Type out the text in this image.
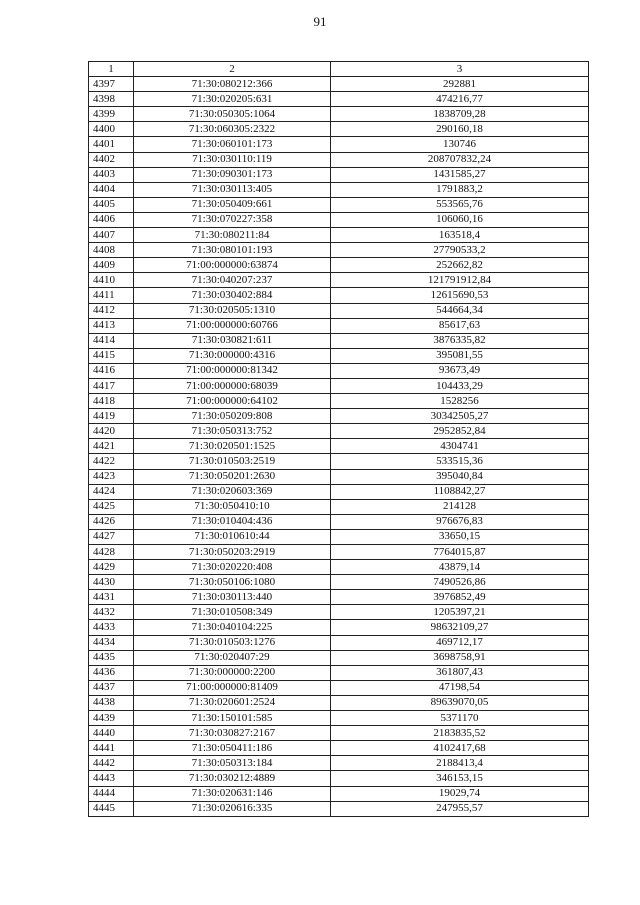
91
1	2	3
4397	71:30:080212:366	292881
4398	71:30:020205:631	474216,77
4399	71:30:050305:1064	1838709,28
4400	71:30:060305:2322	290160,18
4401	71:30:060101:173	130746
4402	71:30:030110:119	208707832,24
4403	71:30:090301:173	1431585,27
4404	71:30:030113:405	1791883,2
4405	71:30:050409:661	553565,76
4406	71:30:070227:358	106060,16
4407	71:30:080211:84	163518,4
4408	71:30:080101:193	27790533,2
4409	71:00:000000:63874	252662,82
4410	71:30:040207:237	121791912,84
4411	71:30:030402:884	12615690,53
4412	71:30:020505:1310	544664,34
4413	71:00:000000:60766	85617,63
4414	71:30:030821:611	3876335,82
4415	71:30:000000:4316	395081,55
4416	71:00:000000:81342	93673,49
4417	71:00:000000:68039	104433,29
4418	71:00:000000:64102	1528256
4419	71:30:050209:808	30342505,27
4420	71:30:050313:752	2952852,84
4421	71:30:020501:1525	4304741
4422	71:30:010503:2519	533515,36
4423	71:30:050201:2630	395040,84
4424	71:30:020603:369	1108842,27
4425	71:30:050410:10	214128
4426	71:30:010404:436	976676,83
4427	71:30:010610:44	33650,15
4428	71:30:050203:2919	7764015,87
4429	71:30:020220:408	43879,14
4430	71:30:050106:1080	7490526,86
4431	71:30:030113:440	3976852,49
4432	71:30:010508:349	1205397,21
4433	71:30:040104:225	98632109,27
4434	71:30:010503:1276	469712,17
4435	71:30:020407:29	3698758,91
4436	71:30:000000:2200	361807,43
4437	71:00:000000:81409	47198,54
4438	71:30:020601:2524	89639070,05
4439	71:30:150101:585	5371170
4440	71:30:030827:2167	2183835,52
4441	71:30:050411:186	4102417,68
4442	71:30:050313:184	2188413,4
4443	71:30:030212:4889	346153,15
4444	71:30:020631:146	19029,74
4445	71:30:020616:335	247955,57
